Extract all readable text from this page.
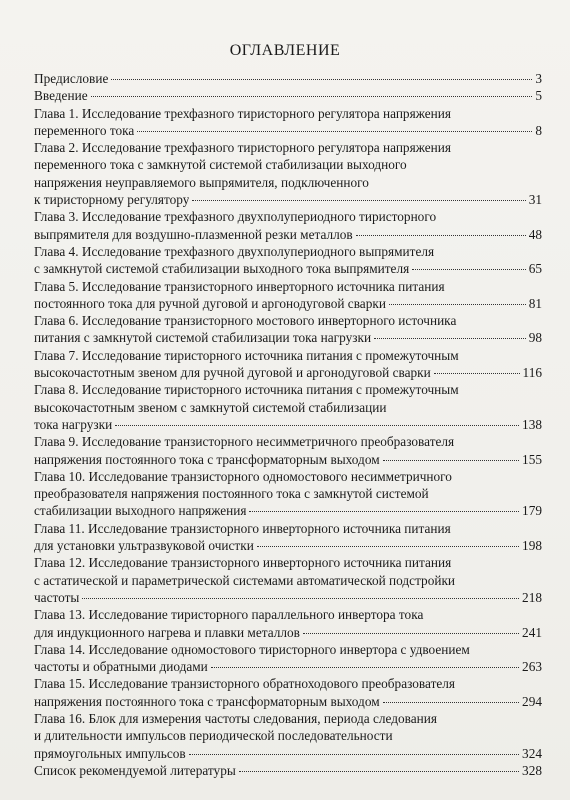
ОГЛАВЛЕНИЕ
Предисловие	3
Введение	5
Глава 1. Исследование трехфазного тиристорного регулятора напряжения
переменного тока	8
Глава 2. Исследование трехфазного тиристорного регулятора напряжения
переменного тока с замкнутой системой стабилизации выходного
напряжения неуправляемого выпрямителя, подключенного
к тиристорному регулятору	31
Глава 3. Исследование трехфазного двухполупериодного тиристорного
выпрямителя для воздушно-плазменной резки металлов	48
Глава 4. Исследование трехфазного двухполупериодного выпрямителя
с замкнутой системой стабилизации выходного тока выпрямителя	65
Глава 5. Исследование транзисторного инверторного источника питания
постоянного тока для ручной дуговой и аргонодуговой сварки	81
Глава 6. Исследование транзисторного мостового инверторного источника
питания с замкнутой системой стабилизации тока нагрузки	98
Глава 7. Исследование тиристорного источника питания с промежуточным
высокочастотным звеном для ручной дуговой и аргонодуговой сварки	116
Глава 8. Исследование тиристорного источника питания с промежуточным
высокочастотным звеном с замкнутой системой стабилизации
тока нагрузки	138
Глава 9. Исследование транзисторного несимметричного преобразователя
напряжения постоянного тока с трансформаторным выходом	155
Глава 10. Исследование транзисторного одномостового несимметричного
преобразователя напряжения постоянного тока с замкнутой системой
стабилизации выходного напряжения	179
Глава 11. Исследование транзисторного инверторного источника питания
для установки ультразвуковой очистки	198
Глава 12. Исследование транзисторного инверторного источника питания
с астатической и параметрической системами автоматической подстройки
частоты	218
Глава 13. Исследование тиристорного параллельного инвертора тока
для индукционного нагрева и плавки металлов	241
Глава 14. Исследование одномостового тиристорного инвертора с удвоением
частоты и обратными диодами	263
Глава 15. Исследование транзисторного обратноходового преобразователя
напряжения постоянного тока с трансформаторным выходом	294
Глава 16. Блок для измерения частоты следования, периода следования
и длительности импульсов периодической последовательности
прямоугольных импульсов	324
Список рекомендуемой литературы	328
